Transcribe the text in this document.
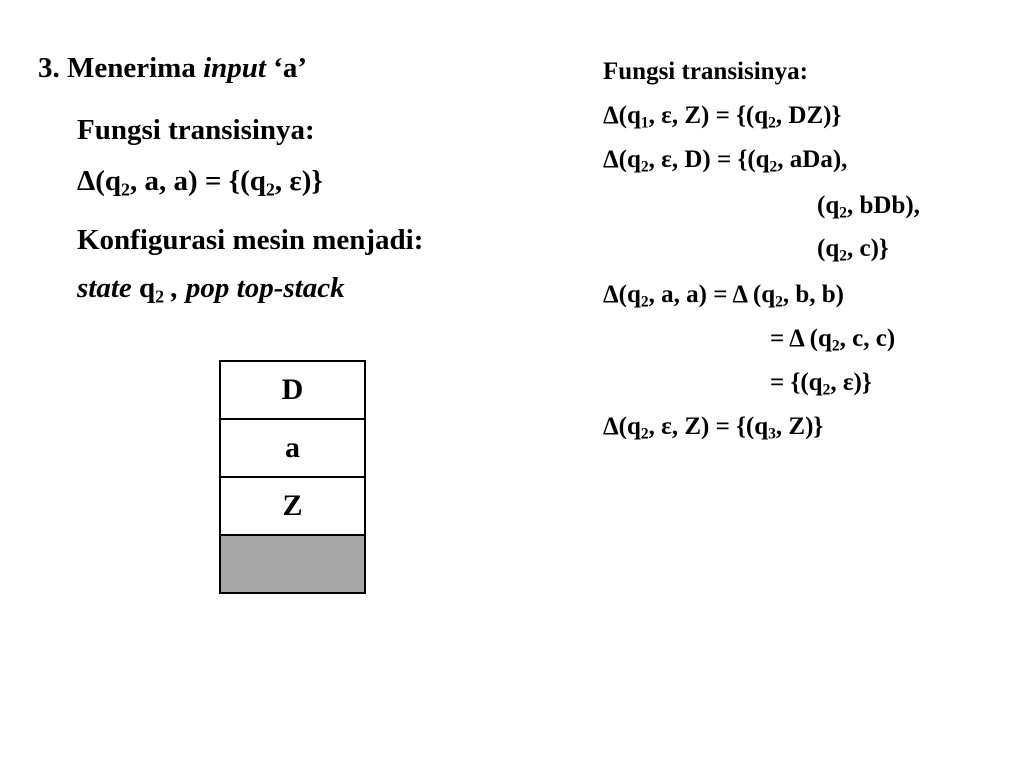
3. Menerima input ‘a’
Fungsi transisinya:
$\Delta(q_2$, a, $a) = \{(q_2$, ε)}
Konfigurasi mesin menjadi:
state $q_2$ , pop top-stack
D
a
Z
Fungsi transisinya:
$\Delta(q_1$, ε, $Z) = \{(q_2$, DZ)}
$\Delta(q_2$, ε, $D) = \{(q_2$, aDa),
($q_2$, bDb),
($q_2$, c)}
$\Delta(q_2$, a, a) = Δ ($q_2$, b, b)
= Δ ($q_2$, c, c)
= {($q_2$, ε)}
$\Delta(q_2$, ε, $Z) = \{(q_3$, Z)}
